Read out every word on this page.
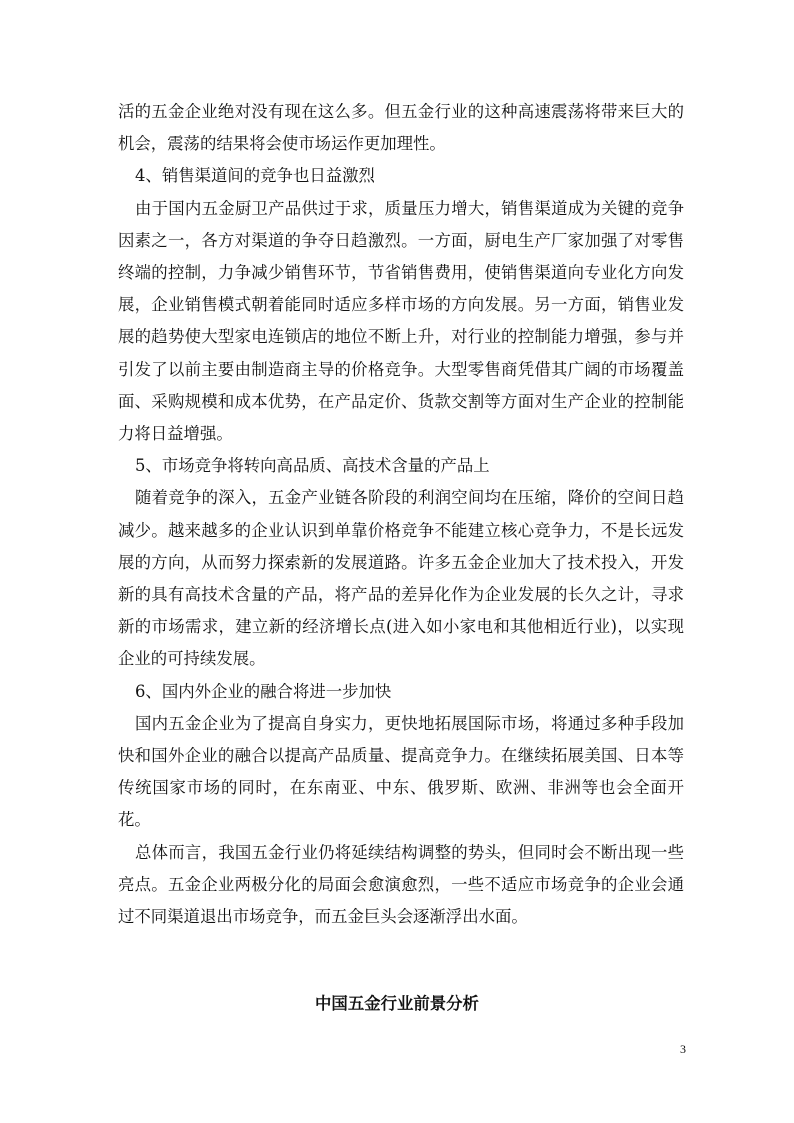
活的五金企业绝对没有现在这么多。但五金行业的这种高速震荡将带来巨大的机会，震荡的结果将会使市场运作更加理性。

4、销售渠道间的竞争也日益激烈

由于国内五金厨卫产品供过于求，质量压力增大，销售渠道成为关键的竞争因素之一，各方对渠道的争夺日趋激烈。一方面，厨电生产厂家加强了对零售终端的控制，力争减少销售环节，节省销售费用，使销售渠道向专业化方向发展，企业销售模式朝着能同时适应多样市场的方向发展。另一方面，销售业发展的趋势使大型家电连锁店的地位不断上升，对行业的控制能力增强，参与并引发了以前主要由制造商主导的价格竞争。大型零售商凭借其广阔的市场覆盖面、采购规模和成本优势，在产品定价、货款交割等方面对生产企业的控制能力将日益增强。

5、市场竞争将转向高品质、高技术含量的产品上

随着竞争的深入，五金产业链各阶段的利润空间均在压缩，降价的空间日趋减少。越来越多的企业认识到单靠价格竞争不能建立核心竞争力，不是长远发展的方向，从而努力探索新的发展道路。许多五金企业加大了技术投入，开发新的具有高技术含量的产品，将产品的差异化作为企业发展的长久之计，寻求新的市场需求，建立新的经济增长点(进入如小家电和其他相近行业)，以实现企业的可持续发展。

6、国内外企业的融合将进一步加快

国内五金企业为了提高自身实力，更快地拓展国际市场，将通过多种手段加快和国外企业的融合以提高产品质量、提高竞争力。在继续拓展美国、日本等传统国家市场的同时，在东南亚、中东、俄罗斯、欧洲、非洲等也会全面开花。

总体而言，我国五金行业仍将延续结构调整的势头，但同时会不断出现一些亮点。五金企业两极分化的局面会愈演愈烈，一些不适应市场竞争的企业会通过不同渠道退出市场竞争，而五金巨头会逐渐浮出水面。

中国五金行业前景分析
3
